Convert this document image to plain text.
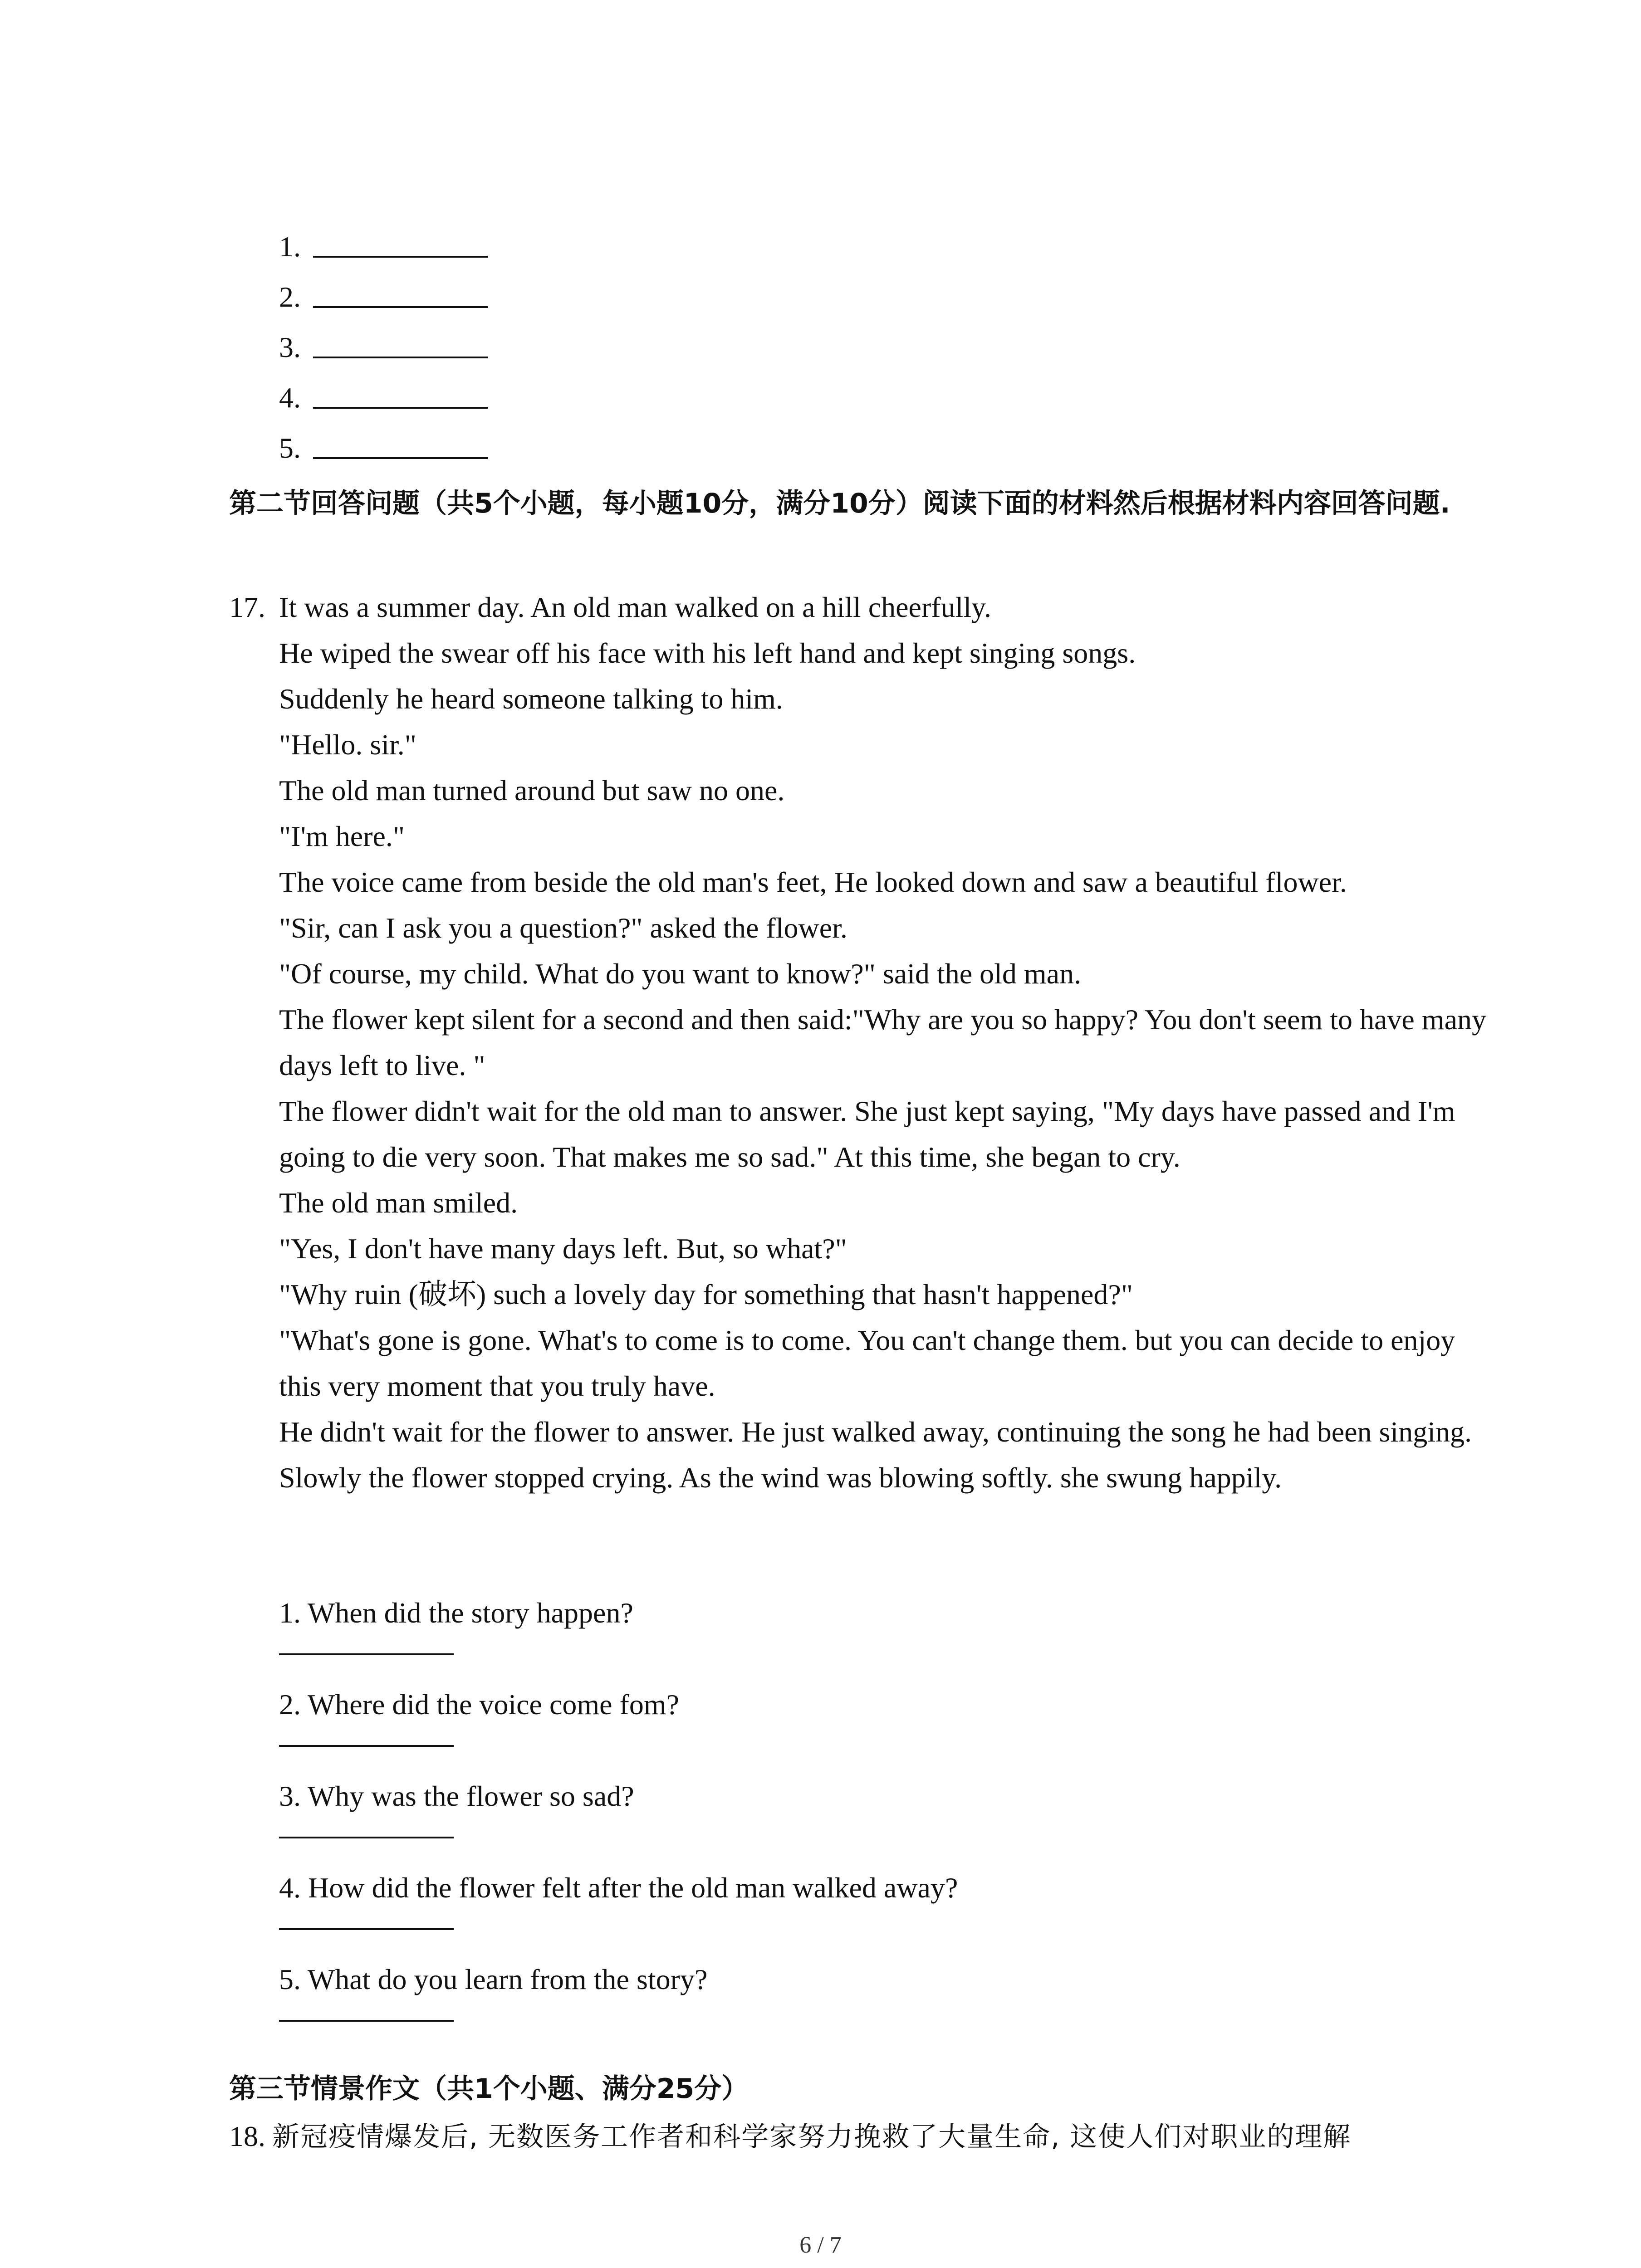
1.
2.
3.
4.
5.
第二节回答问题（共5个小题，每小题10分，满分10分）阅读下面的材料然后根据材料内容回答问题.
17. It was a summer day. An old man walked on a hill cheerfully.

He wiped the swear off his face with his left hand and kept singing songs.

Suddenly he heard someone talking to him.

"Hello. sir."

The old man turned around but saw no one.

"I'm here."

The voice came from beside the old man's feet, He looked down and saw a beautiful flower.

"Sir, can I ask you a question?" asked the flower.

"Of course, my child. What do you want to know?" said the old man.

The flower kept silent for a second and then said:"Why are you so happy? You don't seem to have many days left to live. "

The flower didn't wait for the old man to answer. She just kept saying, "My days have passed and I'm going to die very soon. That makes me so sad." At this time, she began to cry.

The old man smiled.

"Yes, I don't have many days left. But, so what?"

"Why ruin (破坏) such a lovely day for something that hasn't happened?"

"What's gone is gone. What's to come is to come. You can't change them. but you can decide to enjoy this very moment that you truly have.

He didn't wait for the flower to answer. He just walked away, continuing the song he had been singing.

Slowly the flower stopped crying. As the wind was blowing softly. she swung happily.

1. When did the story happen?
2. Where did the voice come fom?
3. Why was the flower so sad?
4. How did the flower felt after the old man walked away?
5. What do you learn from the story?
第三节情景作文（共1个小题、满分25分）
18. 新冠疫情爆发后, 无数医务工作者和科学家努力挽救了大量生命, 这使人们对职业的理解
6 / 7
